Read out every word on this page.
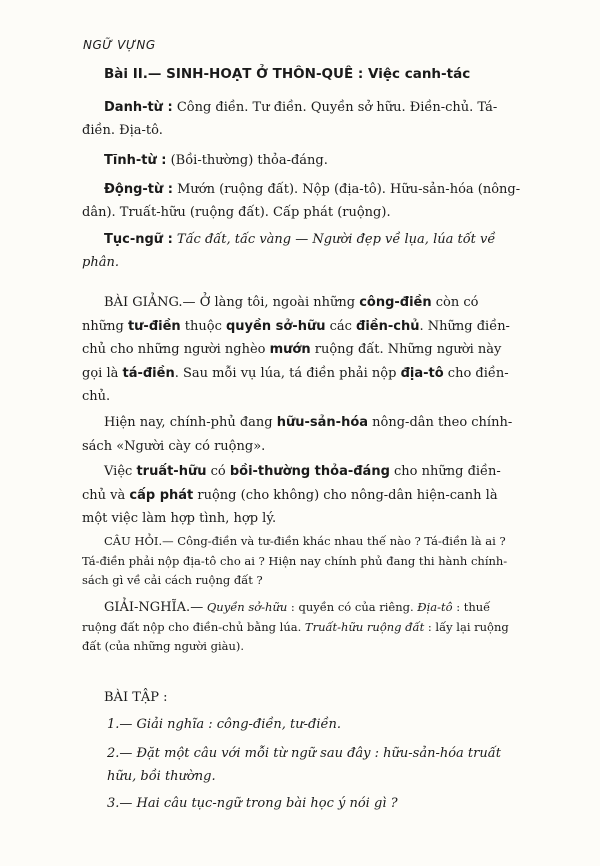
NGỮ VỰNG
Bài II.— SINH-HOẠT Ở THÔN-QUÊ : Việc canh-tác
Danh-từ : Công điền. Tư điền. Quyền sở hữu. Điền-chủ. Tá-điền. Địa-tô.
Tĩnh-từ : (Bồi-thường) thỏa-đáng.
Động-từ : Mướn (ruộng đất). Nộp (địa-tô). Hữu-sản-hóa (nông-dân). Truất-hữu (ruộng đất). Cấp phát (ruộng).
Tục-ngữ : Tấc đất, tấc vàng — Người đẹp về lụa, lúa tốt về phân.
BÀI GIẢNG.— Ở làng tôi, ngoài những công-điền còn có những tư-điền thuộc quyền sở-hữu các điền-chủ. Những điền-chủ cho những người nghèo mướn ruộng đất. Những người này gọi là tá-điền. Sau mỗi vụ lúa, tá điền phải nộp địa-tô cho điền-chủ.
Hiện nay, chính-phủ đang hữu-sản-hóa nông-dân theo chính-sách «Người cày có ruộng».
Việc truất-hữu có bồi-thường thỏa-đáng cho những điền-chủ và cấp phát ruộng (cho không) cho nông-dân hiện-canh là một việc làm hợp tình, hợp lý.
CÂU HỎI.— Công-điền và tư-điền khác nhau thế nào ? Tá-điền là ai ? Tá-điền phải nộp địa-tô cho ai ? Hiện nay chính phủ đang thi hành chính-sách gì về cải cách ruộng đất ?
GIẢI-NGHĨA.— Quyền sở-hữu : quyền có của riêng. Địa-tô : thuế ruộng đất nộp cho điền-chủ bằng lúa. Truất-hữu ruộng đất : lấy lại ruộng đất (của những người giàu).
BÀI TẬP :
1.— Giải nghĩa : công-điền, tư-điền.
2.— Đặt một câu với mỗi từ ngữ sau đây : hữu-sản-hóa truất hữu, bồi thường.
3.— Hai câu tục-ngữ trong bài học ý nói gì ?
